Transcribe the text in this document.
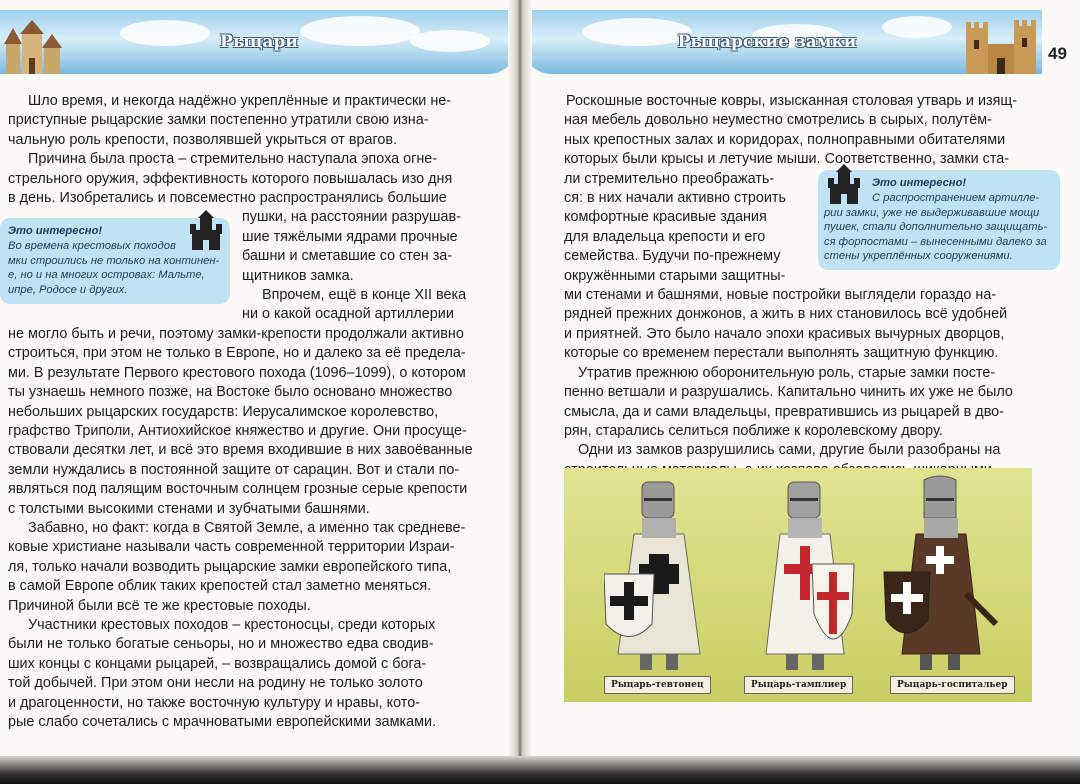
Рыцари
Это интересно!
Во времена крестовых походов
мки строились не только на континен-
е, но и на многих островах: Мальте,
ипре, Родосе и других.
Шло время, и некогда надёжно укреплённые и практически не-
приступные рыцарские замки постепенно утратили свою изна-
чальную роль крепости, позволявшей укрыться от врагов.
Причина была проста – стремительно наступала эпоха огне-
стрельного оружия, эффективность которого повышалась изо дня
в день. Изобретались и повсеместно распространялись большие
пушки, на расстоянии разрушав-
шие тяжёлыми ядрами прочные
башни и сметавшие со стен за-
щитников замка.
Впрочем, ещё в конце XII века
ни о какой осадной артиллерии
не могло быть и речи, поэтому замки-крепости продолжали активно
строиться, при этом не только в Европе, но и далеко за её предела-
ми. В результате Первого крестового похода (1096–1099), о котором
ты узнаешь немного позже, на Востоке было основано множество
небольших рыцарских государств: Иерусалимское королевство,
графство Триполи, Антиохийское княжество и другие. Они просуще-
ствовали десятки лет, и всё это время входившие в них завоёванные
земли нуждались в постоянной защите от сарацин. Вот и стали по-
являться под палящим восточным солнцем грозные серые крепости
с толстыми высокими стенами и зубчатыми башнями.
Забавно, но факт: когда в Святой Земле, а именно так средневе-
ковые христиане называли часть современной территории Израи-
ля, только начали возводить рыцарские замки европейского типа,
в самой Европе облик таких крепостей стал заметно меняться.
Причиной были всё те же крестовые походы.
Участники крестовых походов – крестоносцы, среди которых
были не только богатые сеньоры, но и множество едва сводив-
ших концы с концами рыцарей, – возвращались домой с бога-
той добычей. При этом они несли на родину не только золото
и драгоценности, но также восточную культуру и нравы, кото-
рые слабо сочетались с мрачноватыми европейскими замками.
Рыцарские замки
49
Это интересно!
С распространением артилле-
рии замки, уже не выдерживавшие мощи
пушек, стали дополнительно защищать-
ся форпостами – вынесенными далеко за
стены укреплённых сооружениями.
Роскошные восточные ковры, изысканная столовая утварь и изящ-
ная мебель довольно неуместно смотрелись в сырых, полутём-
ных крепостных залах и коридорах, полноправными обитателями
которых были крысы и летучие мыши. Соответственно, замки ста-
ли стремительно преображать-
ся: в них начали активно строить
комфортные красивые здания
для владельца крепости и его
семейства. Будучи по-прежнему
окружёнными старыми защитны-
ми стенами и башнями, новые постройки выглядели гораздо на-
рядней прежних донжонов, а жить в них становилось всё удобней
и приятней. Это было начало эпохи красивых вычурных дворцов,
которые со временем перестали выполнять защитную функцию.
Утратив прежнюю оборонительную роль, старые замки посте-
пенно ветшали и разрушались. Капитально чинить их уже не было
смысла, да и сами владельцы, превратившись из рыцарей в дво-
рян, старались селиться поближе к королевскому двору.
Одни из замков разрушились сами, другие были разобраны на
Рыцарь-тевтонец	Рыцарь-тамплиер	Рыцарь-госпитальер
